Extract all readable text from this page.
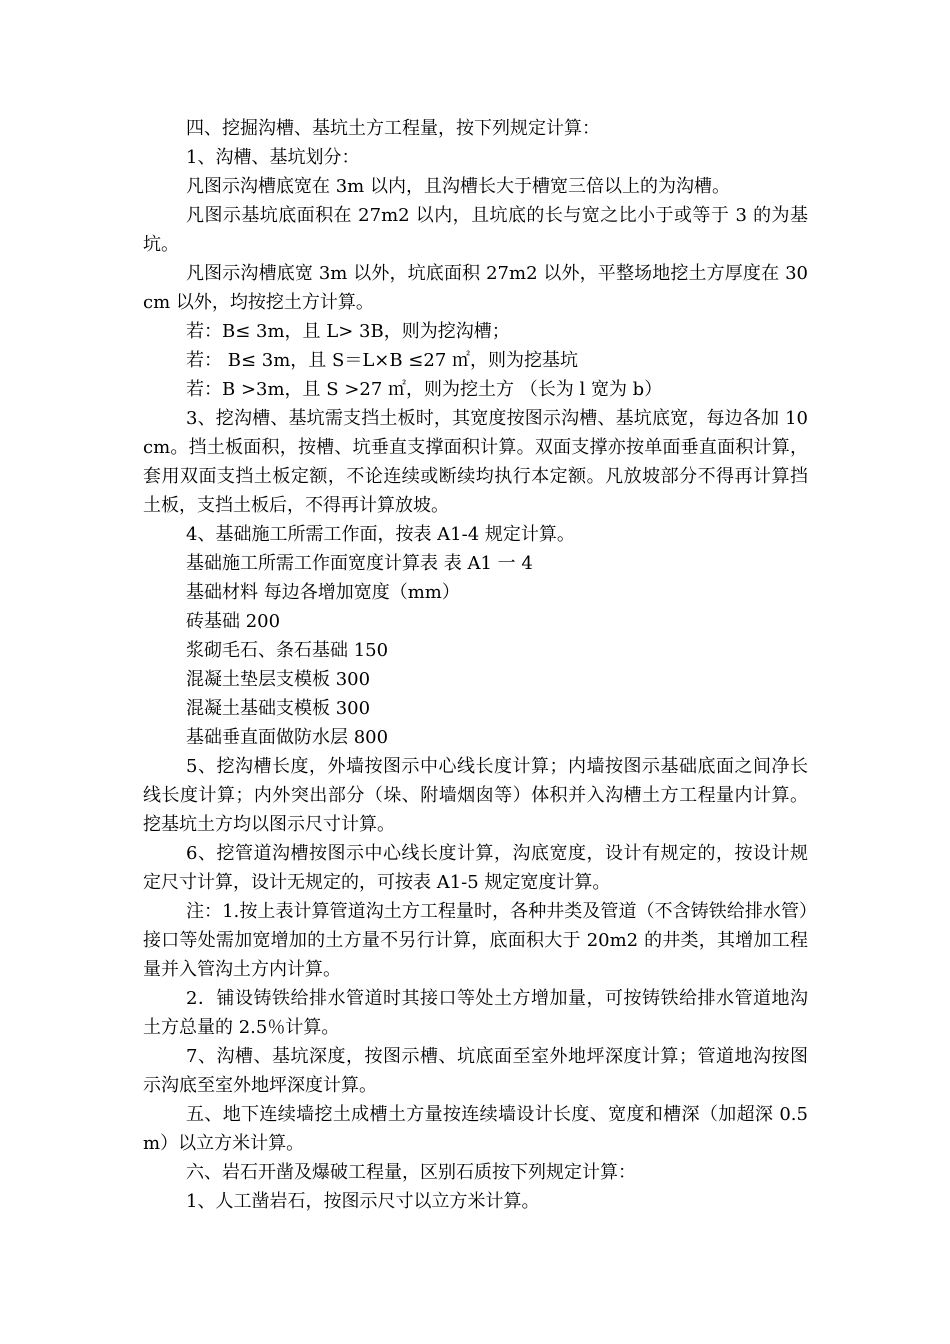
四、挖掘沟槽、基坑土方工程量，按下列规定计算：

1、沟槽、基坑划分：

凡图示沟槽底宽在 3m 以内，且沟槽长大于槽宽三倍以上的为沟槽。

凡图示基坑底面积在 27m2 以内，且坑底的长与宽之比小于或等于 3 的为基坑。

凡图示沟槽底宽 3m 以外，坑底面积 27m2 以外，平整场地挖土方厚度在 30cm 以外，均按挖土方计算。

若：B≤ 3m，且 L> 3B，则为挖沟槽；

若： B≤ 3m，且 S＝L×B ≤27 ㎡，则为挖基坑

若：B >3m，且 S >27 ㎡，则为挖土方 （长为 l 宽为 b）

3、挖沟槽、基坑需支挡土板时，其宽度按图示沟槽、基坑底宽，每边各加 10cm。挡土板面积，按槽、坑垂直支撑面积计算。双面支撑亦按单面垂直面积计算，套用双面支挡土板定额，不论连续或断续均执行本定额。凡放坡部分不得再计算挡土板，支挡土板后，不得再计算放坡。

4、基础施工所需工作面，按表 A1-4 规定计算。

基础施工所需工作面宽度计算表 表 A1 一 4

基础材料 每边各增加宽度（mm）

砖基础 200

浆砌毛石、条石基础 150

混凝土垫层支模板 300

混凝土基础支模板 300

基础垂直面做防水层 800

5、挖沟槽长度，外墙按图示中心线长度计算；内墙按图示基础底面之间净长线长度计算；内外突出部分（垛、附墙烟囱等）体积并入沟槽土方工程量内计算。挖基坑土方均以图示尺寸计算。

6、挖管道沟槽按图示中心线长度计算，沟底宽度，设计有规定的，按设计规定尺寸计算，设计无规定的，可按表 A1-5 规定宽度计算。

注：1.按上表计算管道沟土方工程量时，各种井类及管道（不含铸铁给排水管）接口等处需加宽增加的土方量不另行计算，底面积大于 20m2 的井类，其增加工程量并入管沟土方内计算。

2．铺设铸铁给排水管道时其接口等处土方增加量，可按铸铁给排水管道地沟土方总量的 2.5％计算。

7、沟槽、基坑深度，按图示槽、坑底面至室外地坪深度计算；管道地沟按图示沟底至室外地坪深度计算。

五、地下连续墙挖土成槽土方量按连续墙设计长度、宽度和槽深（加超深 0.5m）以立方米计算。

六、岩石开凿及爆破工程量，区别石质按下列规定计算：

1、人工凿岩石，按图示尺寸以立方米计算。
